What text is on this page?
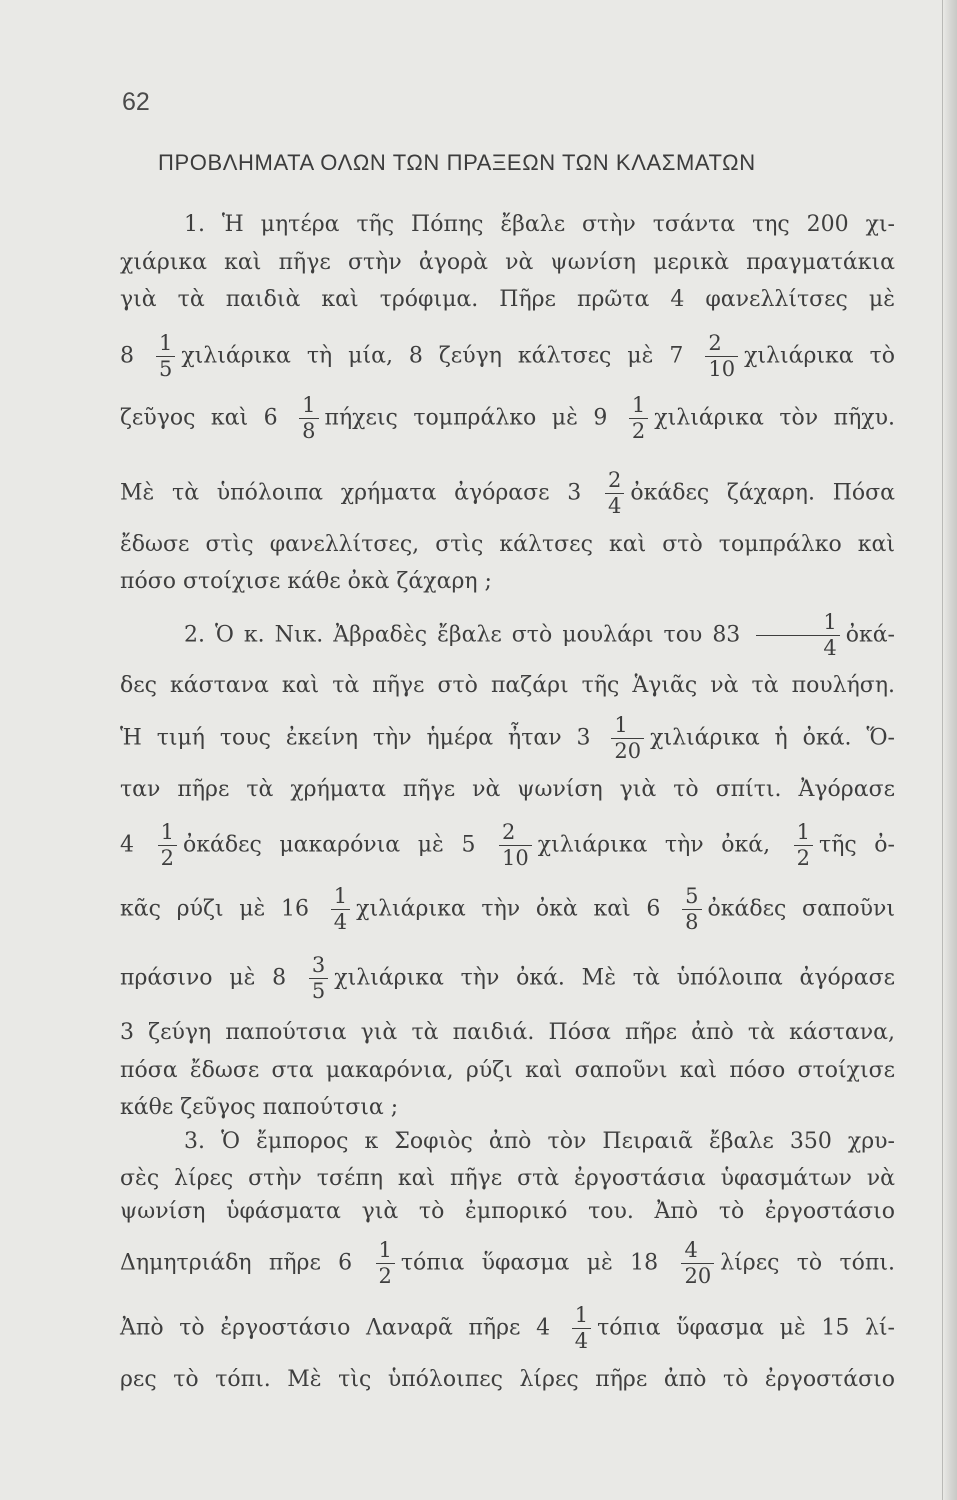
62
ΠΡΟΒΛΗΜΑΤΑ ΟΛΩΝ ΤΩΝ ΠΡΑΞΕΩΝ ΤΩΝ ΚΛΑΣΜΑΤΩΝ
1. Ἡ μητέρα τῆς Πόπης ἔβαλε στὴν τσάντα της 200 χι-
χιάρικα καὶ πῆγε στὴν ἀγορὰ νὰ ψωνίση μερικὰ πραγματάκια
γιὰ τὰ παιδιὰ καὶ τρόφιμα. Πῆρε πρῶτα 4 φανελλίτσες μὲ
$8 \frac{1}{5}$ χιλιάρικα τὴ μία, 8 ζεύγη κάλτσες μὲ $7 \frac{2}{10}$ χιλιάρικα τὸ
ζεῦγος καὶ $6 \frac{1}{8}$ πήχεις τομπράλκο μὲ $9 \frac{1}{2}$ χιλιάρικα τὸν πῆχυ.
Μὲ τὰ ὑπόλοιπα χρήματα ἀγόρασε $3 \frac{2}{4}$ ὀκάδες ζάχαρη. Πόσα
ἔδωσε στὶς φανελλίτσες, στὶς κάλτσες καὶ στὸ τομπράλκο καὶ
πόσο στοίχισε κάθε ὀκὰ ζάχαρη ;
2. Ὁ κ. Νικ. Ἀβραδὲς ἔβαλε στὸ μουλάρι του $83 \frac{1}{4}$ ὀκά-
δες κάστανα καὶ τὰ πῆγε στὸ παζάρι τῆς Ἁγιᾶς νὰ τὰ πουλήση.
Ἡ τιμή τους ἐκείνη τὴν ἡμέρα ἦταν $3 \frac{1}{20}$ χιλιάρικα ἡ ὀκά. Ὅ-
ταν πῆρε τὰ χρήματα πῆγε νὰ ψωνίση γιὰ τὸ σπίτι. Ἀγόρασε
$4 \frac{1}{2}$ ὀκάδες μακαρόνια μὲ $5 \frac{2}{10}$ χιλιάρικα τὴν ὀκά, $\frac{1}{2}$ τῆς ὀ-
κᾶς ρύζι μὲ $16 \frac{1}{4}$ χιλιάρικα τὴν ὀκὰ καὶ $6 \frac{5}{8}$ ὀκάδες σαποῦνι
πράσινο μὲ $8 \frac{3}{5}$ χιλιάρικα τὴν ὀκά. Μὲ τὰ ὑπόλοιπα ἀγόρασε
3 ζεύγη παπούτσια γιὰ τὰ παιδιά. Πόσα πῆρε ἀπὸ τὰ κάστανα,
πόσα ἔδωσε στα μακαρόνια, ρύζι καὶ σαποῦνι καὶ πόσο στοίχισε
κάθε ζεῦγος παπούτσια ;
3. Ὁ ἔμπορος κ Σοφιὸς ἀπὸ τὸν Πειραιᾶ ἔβαλε 350 χρυ-
σὲς λίρες στὴν τσέπη καὶ πῆγε στὰ ἐργοστάσια ὑφασμάτων νὰ
ψωνίση ὑφάσματα γιὰ τὸ ἐμπορικό του. Ἀπὸ τὸ ἐργοστάσιο
Δημητριάδη πῆρε $6 \frac{1}{2}$ τόπια ὕφασμα μὲ $18 \frac{4}{20}$ λίρες τὸ τόπι.
Ἀπὸ τὸ ἐργοστάσιο Λαναρᾶ πῆρε $4 \frac{1}{4}$ τόπια ὕφασμα μὲ 15 λί-
ρες τὸ τόπι. Μὲ τὶς ὑπόλοιπες λίρες πῆρε ἀπὸ τὸ ἐργοστάσιο
